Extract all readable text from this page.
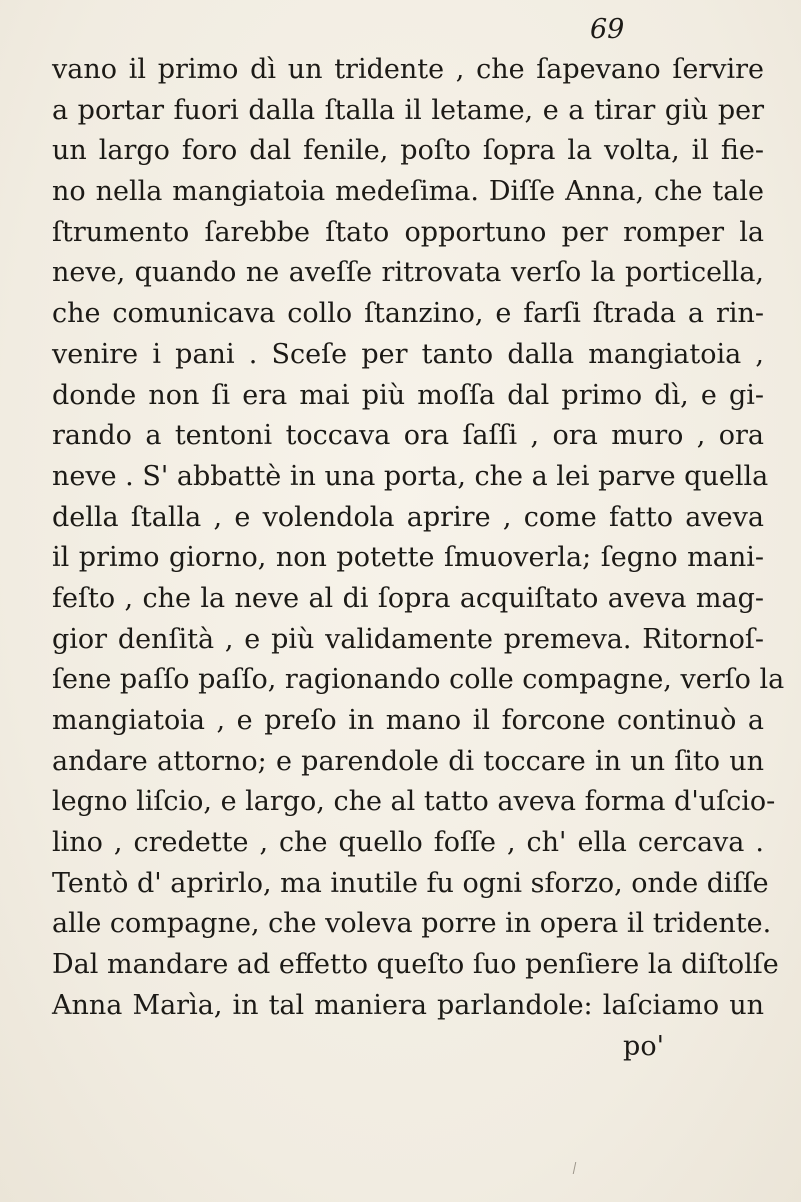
69
vano il primo dì un tridente , che ſapevano ſervire
a portar fuori dalla ſtalla il letame, e a tirar giù per
un largo foro dal fenile, poſto ſopra la volta, il fie-
no nella mangiatoia medeſima. Diſſe Anna, che tale
ſtrumento ſarebbe ſtato opportuno per romper la
neve, quando ne aveſſe ritrovata verſo la porticella,
che comunicava collo ſtanzino, e farſi ſtrada a rin-
venire i pani . Sceſe per tanto dalla mangiatoia ,
donde non ſi era mai più moſſa dal primo dì, e gi-
rando a tentoni toccava ora ſaſſi , ora muro , ora
neve . S' abbattè in una porta, che a lei parve quella
della ſtalla , e volendola aprire , come fatto aveva
il primo giorno, non potette ſmuoverla; ſegno mani-
feſto , che la neve al di ſopra acquiſtato aveva mag-
gior denſità , e più validamente premeva. Ritornoſ-
ſene paſſo paſſo, ragionando colle compagne, verſo la
mangiatoia , e preſo in mano il forcone continuò a
andare attorno; e parendole di toccare in un ſito un
legno liſcio, e largo, che al tatto aveva forma d'uſcio-
lino , credette , che quello foſſe , ch' ella cercava .
Tentò d' aprirlo, ma inutile fu ogni sforzo, onde diſſe
alle compagne, che voleva porre in opera il tridente.
Dal mandare ad effetto queſto ſuo penſiere la diſtolſe
Anna Marìa, in tal maniera parlandole: laſciamo un
po'
